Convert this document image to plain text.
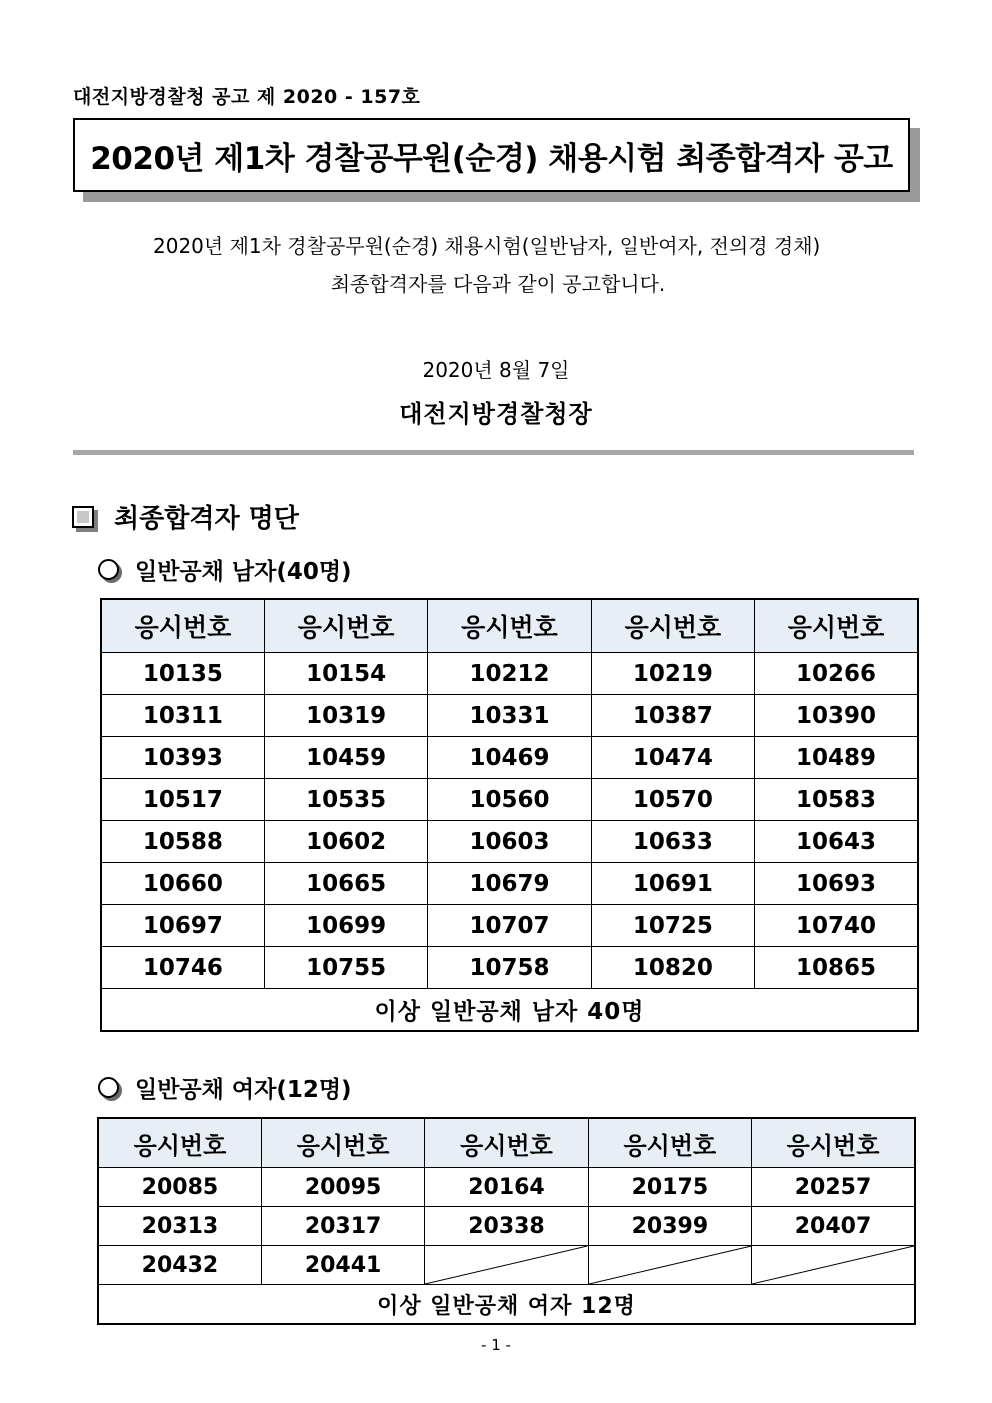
대전지방경찰청 공고 제 2020 - 157호
2020년 제1차 경찰공무원(순경) 채용시험 최종합격자 공고
2020년 제1차 경찰공무원(순경) 채용시험(일반남자, 일반여자, 전의경 경채)
최종합격자를 다음과 같이 공고합니다.
2020년 8월 7일
대전지방경찰청장
최종합격자 명단
일반공채 남자(40명)
응시번호	응시번호	응시번호	응시번호	응시번호
10135	10154	10212	10219	10266
10311	10319	10331	10387	10390
10393	10459	10469	10474	10489
10517	10535	10560	10570	10583
10588	10602	10603	10633	10643
10660	10665	10679	10691	10693
10697	10699	10707	10725	10740
10746	10755	10758	10820	10865
이상 일반공채 남자 40명				
일반공채 여자(12명)
응시번호	응시번호	응시번호	응시번호	응시번호
20085	20095	20164	20175	20257
20313	20317	20338	20399	20407
20432	20441	

이상 일반공채 여자 12명				
- 1 -
